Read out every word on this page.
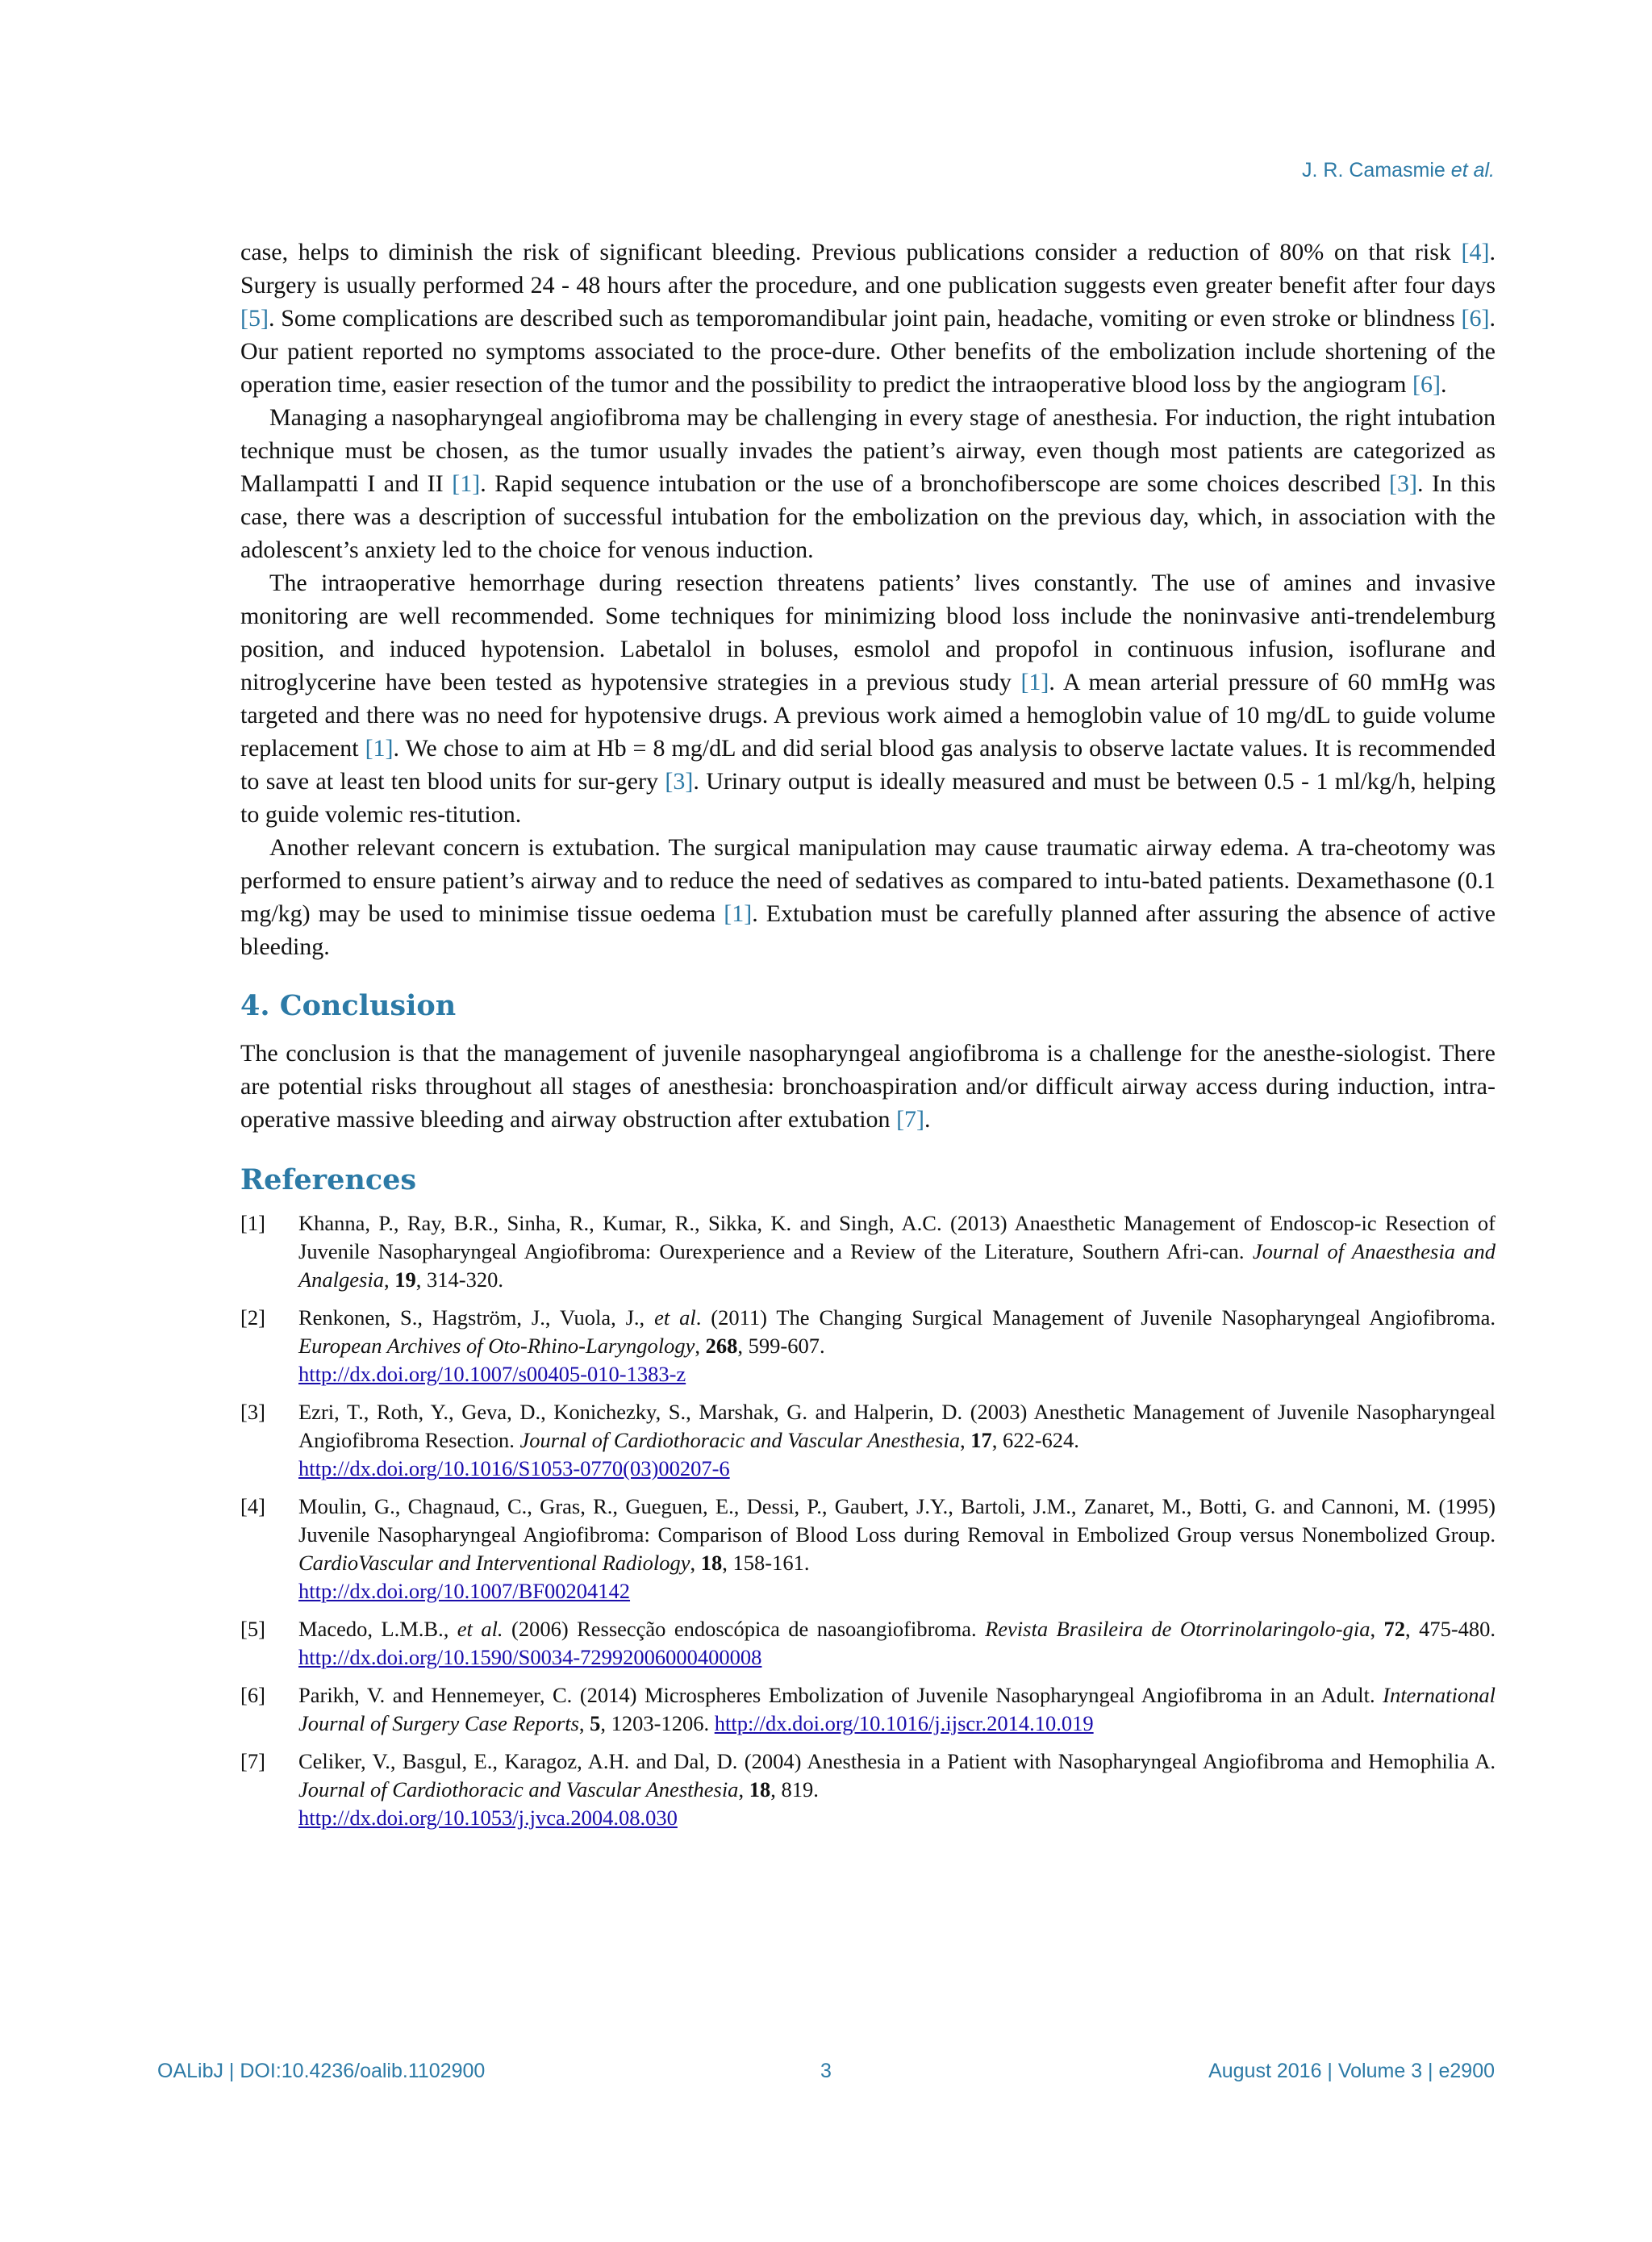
J. R. Camasmie et al.

case, helps to diminish the risk of significant bleeding. Previous publications consider a reduction of 80% on that risk [4]. Surgery is usually performed 24 - 48 hours after the procedure, and one publication suggests even greater benefit after four days [5]. Some complications are described such as temporomandibular joint pain, headache, vomiting or even stroke or blindness [6]. Our patient reported no symptoms associated to the proce-dure. Other benefits of the embolization include shortening of the operation time, easier resection of the tumor and the possibility to predict the intraoperative blood loss by the angiogram [6].

Managing a nasopharyngeal angiofibroma may be challenging in every stage of anesthesia. For induction, the right intubation technique must be chosen, as the tumor usually invades the patient’s airway, even though most patients are categorized as Mallampatti I and II [1]. Rapid sequence intubation or the use of a bronchofiberscope are some choices described [3]. In this case, there was a description of successful intubation for the embolization on the previous day, which, in association with the adolescent’s anxiety led to the choice for venous induction.

The intraoperative hemorrhage during resection threatens patients’ lives constantly. The use of amines and invasive monitoring are well recommended. Some techniques for minimizing blood loss include the noninvasive anti-trendelemburg position, and induced hypotension. Labetalol in boluses, esmolol and propofol in continuous infusion, isoflurane and nitroglycerine have been tested as hypotensive strategies in a previous study [1]. A mean arterial pressure of 60 mmHg was targeted and there was no need for hypotensive drugs. A previous work aimed a hemoglobin value of 10 mg/dL to guide volume replacement [1]. We chose to aim at Hb = 8 mg/dL and did serial blood gas analysis to observe lactate values. It is recommended to save at least ten blood units for sur-gery [3]. Urinary output is ideally measured and must be between 0.5 - 1 ml/kg/h, helping to guide volemic res-titution.

Another relevant concern is extubation. The surgical manipulation may cause traumatic airway edema. A tra-cheotomy was performed to ensure patient’s airway and to reduce the need of sedatives as compared to intu-bated patients. Dexamethasone (0.1 mg/kg) may be used to minimise tissue oedema [1]. Extubation must be carefully planned after assuring the absence of active bleeding.

4. Conclusion

The conclusion is that the management of juvenile nasopharyngeal angiofibroma is a challenge for the anesthe-siologist. There are potential risks throughout all stages of anesthesia: bronchoaspiration and/or difficult airway access during induction, intra-operative massive bleeding and airway obstruction after extubation [7].

References
[1]	Khanna, P., Ray, B.R., Sinha, R., Kumar, R., Sikka, K. and Singh, A.C. (2013) Anaesthetic Management of Endoscop-ic Resection of Juvenile Nasopharyngeal Angiofibroma: Ourexperience and a Review of the Literature, Southern Afri-can. Journal of Anaesthesia and Analgesia, 19, 314-320.
[2]	Renkonen, S., Hagström, J., Vuola, J., et al. (2011) The Changing Surgical Management of Juvenile Nasopharyngeal Angiofibroma. European Archives of Oto-Rhino-Laryngology, 268, 599-607.
http://dx.doi.org/10.1007/s00405-010-1383-z
[3]	Ezri, T., Roth, Y., Geva, D., Konichezky, S., Marshak, G. and Halperin, D. (2003) Anesthetic Management of Juvenile Nasopharyngeal Angiofibroma Resection. Journal of Cardiothoracic and Vascular Anesthesia, 17, 622-624.
http://dx.doi.org/10.1016/S1053-0770(03)00207-6
[4]	Moulin, G., Chagnaud, C., Gras, R., Gueguen, E., Dessi, P., Gaubert, J.Y., Bartoli, J.M., Zanaret, M., Botti, G. and Cannoni, M. (1995) Juvenile Nasopharyngeal Angiofibroma: Comparison of Blood Loss during Removal in Embolized Group versus Nonembolized Group. CardioVascular and Interventional Radiology, 18, 158-161.
http://dx.doi.org/10.1007/BF00204142
[5]	Macedo, L.M.B., et al. (2006) Ressecção endoscópica de nasoangiofibroma. Revista Brasileira de Otorrinolaringolo-gia, 72, 475-480. http://dx.doi.org/10.1590/S0034-72992006000400008
[6]	Parikh, V. and Hennemeyer, C. (2014) Microspheres Embolization of Juvenile Nasopharyngeal Angiofibroma in an Adult. International Journal of Surgery Case Reports, 5, 1203-1206. http://dx.doi.org/10.1016/j.ijscr.2014.10.019
[7]	Celiker, V., Basgul, E., Karagoz, A.H. and Dal, D. (2004) Anesthesia in a Patient with Nasopharyngeal Angiofibroma and Hemophilia A. Journal of Cardiothoracic and Vascular Anesthesia, 18, 819.
http://dx.doi.org/10.1053/j.jvca.2004.08.030
OALibJ | DOI:10.4236/oalib.1102900	3	August 2016 | Volume 3 | e2900
